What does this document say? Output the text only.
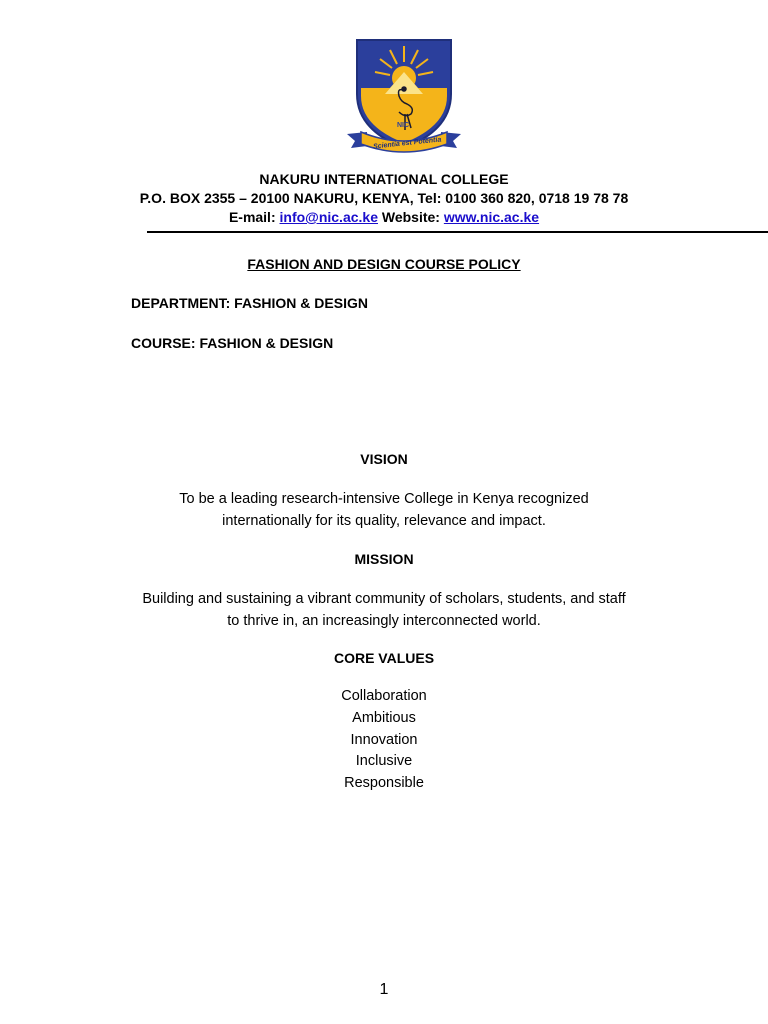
NIC
Scientia est Potentia
NAKURU INTERNATIONAL COLLEGE
P.O. BOX 2355 – 20100 NAKURU, KENYA, Tel: 0100 360 820, 0718 19 78 78
E-mail: info@nic.ac.ke Website: www.nic.ac.ke
FASHION AND DESIGN COURSE POLICY
DEPARTMENT: FASHION & DESIGN
COURSE: FASHION & DESIGN
VISION
To be a leading research-intensive College in Kenya recognized
internationally for its quality, relevance and impact.
MISSION
Building and sustaining a vibrant community of scholars, students, and staff
to thrive in, an increasingly interconnected world.
CORE VALUES
Collaboration
Ambitious
Innovation
Inclusive
Responsible
1
